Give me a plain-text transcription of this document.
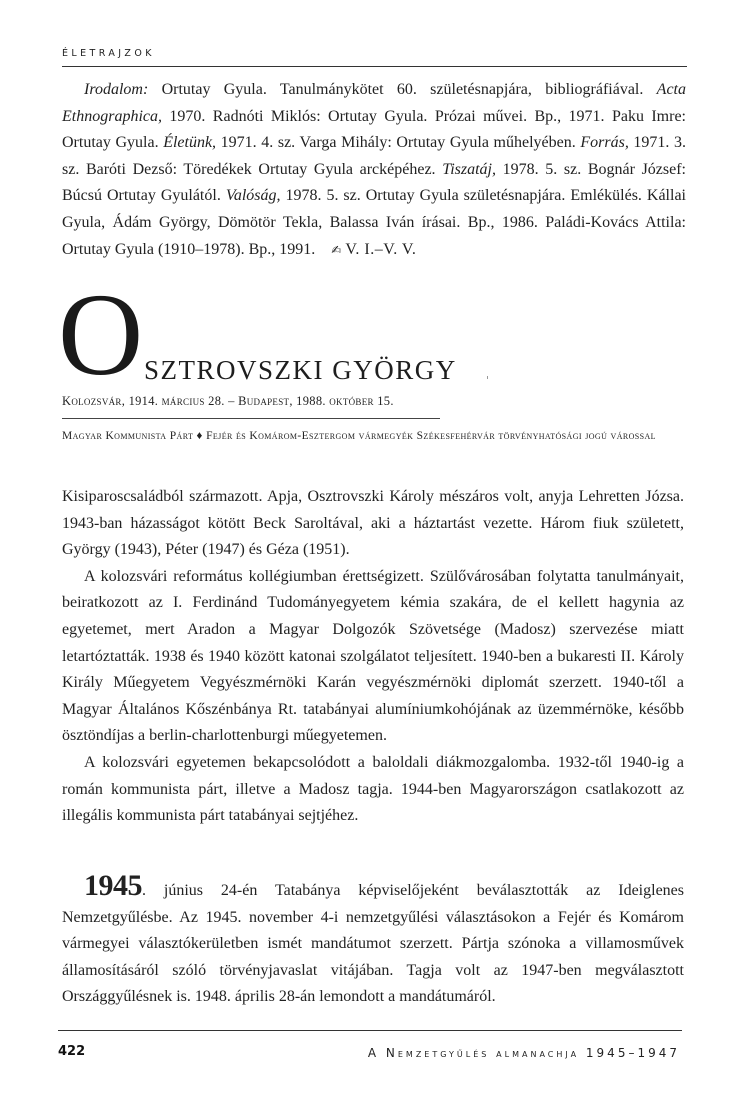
ÉLETRAJZOK
Irodalom: Ortutay Gyula. Tanulmánykötet 60. születésnapjára, bibliográfiával. Acta Ethnographica, 1970. Radnóti Miklós: Ortutay Gyula. Prózai művei. Bp., 1971. Paku Imre: Ortutay Gyula. Életünk, 1971. 4. sz. Varga Mihály: Ortutay Gyula műhelyében. Forrás, 1971. 3. sz. Baróti Dezső: Töredékek Ortutay Gyula arcképéhez. Tiszatáj, 1978. 5. sz. Bognár József: Búcsú Ortutay Gyulától. Valóság, 1978. 5. sz. Ortutay Gyula születésnapjára. Emlékülés. Kállai Gyula, Ádám György, Dömötör Tekla, Balassa Iván írásai. Bp., 1986. Paládi-Kovács Attila: Ortutay Gyula (1910–1978). Bp., 1991. ✍ V. I.–V. V.
O SZTROVSZKI GYÖRGY
Kolozsvár, 1914. március 28. – Budapest, 1988. október 15.
Magyar Kommunista Párt ♦ Fejér és Komárom-Esztergom vármegyék Székesfehérvár törvényhatósági jogú várossal

Kisiparoscsaládból származott. Apja, Osztrovszki Károly mészáros volt, anyja Lehretten Józsa. 1943-ban házasságot kötött Beck Saroltával, aki a háztartást vezette. Három fiuk született, György (1943), Péter (1947) és Géza (1951).

A kolozsvári református kollégiumban érettségizett. Szülővárosában folytatta tanulmányait, beiratkozott az I. Ferdinánd Tudományegyetem kémia szakára, de el kellett hagynia az egyetemet, mert Aradon a Magyar Dolgozók Szövetsége (Madosz) szervezése miatt letartóztatták. 1938 és 1940 között katonai szolgálatot teljesített. 1940-ben a bukaresti II. Károly Király Műegyetem Vegyészmérnöki Karán vegyészmérnöki diplomát szerzett. 1940-től a Magyar Általános Kőszénbánya Rt. tatabányai alumíniumkohójának az üzemmérnöke, később ösztöndíjas a berlin-charlottenburgi műegyetemen.

A kolozsvári egyetemen bekapcsolódott a baloldali diákmozgalomba. 1932-től 1940-ig a román kommunista párt, illetve a Madosz tagja. 1944-ben Magyarországon csatlakozott az illegális kommunista párt tatabányai sejtjéhez.

1945. június 24-én Tatabánya képviselőjeként beválasztották az Ideiglenes Nemzetgyűlésbe. Az 1945. november 4-i nemzetgyűlési választásokon a Fejér és Komárom vármegyei választókerületben ismét mandátumot szerzett. Pártja szónoka a villamosművek államosításáról szóló törvényjavaslat vitájában. Tagja volt az 1947-ben megválasztott Országgyűlésnek is. 1948. április 28-án lemondott a mandátumáról.

422	A Nemzetgyűlés almanachja 1945–1947
